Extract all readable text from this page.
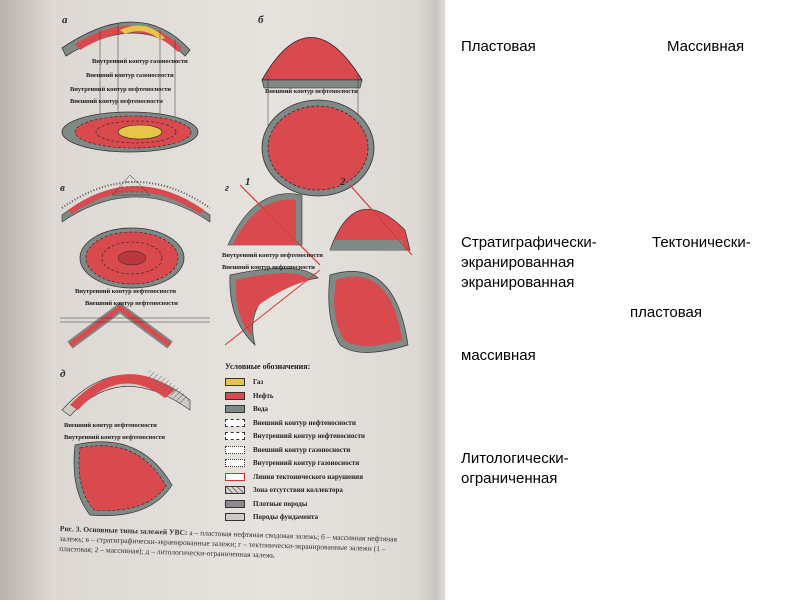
а	б
в	г
д
1	2
Внутренний контур газоносности
Внешний контур газоносности
Внутренний контур нефтеносности
Внешний контур нефтеносности
Внешний контур нефтеносности
Внутренний контур нефтеносности
Внешний контур нефтеносности
Внутренний контур нефтеносности
Внешний контур нефтеносности
Внешний контур нефтеносности
Внутренний контур нефтеносности
Условные обозначения:
Газ
Нефть
Вода
Внешний контур нефтеносности
Внутренний контур нефтеносности
Внешний контур газоносности
Внутренний контур газоносности
Линия тектонического нарушения
Зона отсутствия коллектора
Плотные породы
Породы фундамента
Рис. 3. Основные типы залежей УВС: а – пластовая нефтяная сводовая залежь; б – массивная нефтяная залежь; в – стратиграфически-экранированные залежи; г – тектонически-экранированные залежи (1 – пластовая; 2 – массивная); д – литологически-ограниченная залежь
Пластовая	Массивная
Стратиграфически-
экранированная
Тектонически-
экранированная
пластовая
массивная
Литологически-
ограниченная
